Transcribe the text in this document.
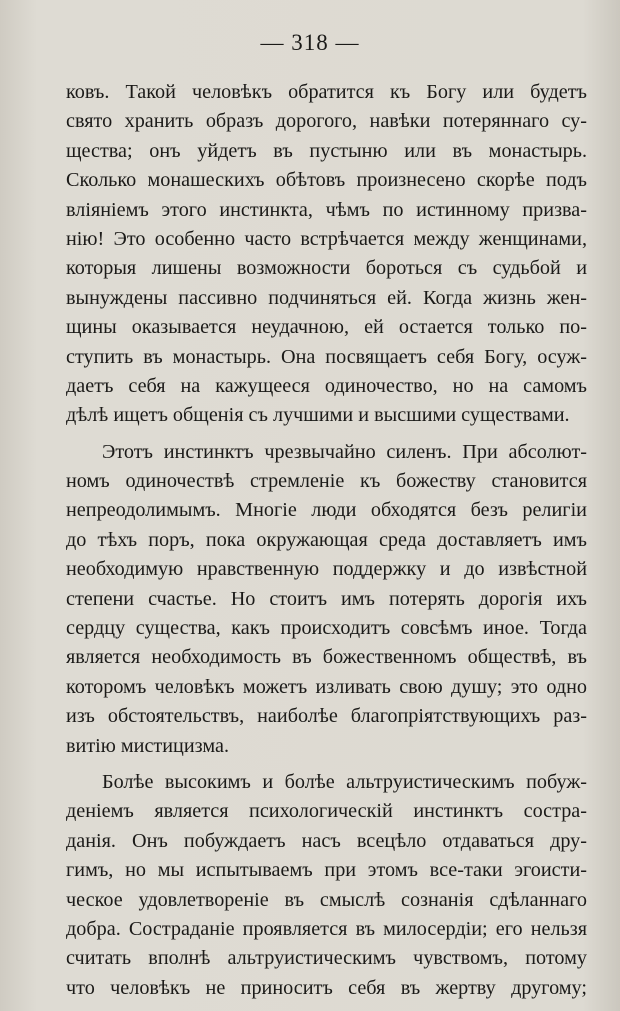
— 318 —
ковъ. Такой человѣкъ обратится къ Богу или будетъ
свято хранить образъ дорогого, навѣки потеряннаго су-
щества; онъ уйдетъ въ пустыню или въ монастырь.
Сколько монашескихъ обѣтовъ произнесено скорѣе подъ
вліяніемъ этого инстинкта, чѣмъ по истинному призва-
нію! Это особенно часто встрѣчается между женщинами,
которыя лишены возможности бороться съ судьбой и
вынуждены пассивно подчиняться ей. Когда жизнь жен-
щины оказывается неудачною, ей остается только по-
ступить въ монастырь. Она посвящаетъ себя Богу, осуж-
даетъ себя на кажущееся одиночество, но на самомъ
дѣлѣ ищетъ общенія съ лучшими и высшими существами.
Этотъ инстинктъ чрезвычайно силенъ. При абсолют-
номъ одиночествѣ стремленіе къ божеству становится
непреодолимымъ. Многіе люди обходятся безъ религіи
до тѣхъ поръ, пока окружающая среда доставляетъ имъ
необходимую нравственную поддержку и до извѣстной
степени счастье. Но стоитъ имъ потерять дорогія ихъ
сердцу существа, какъ происходитъ совсѣмъ иное. Тогда
является необходимость въ божественномъ обществѣ, въ
которомъ человѣкъ можетъ изливать свою душу; это одно
изъ обстоятельствъ, наиболѣе благопріятствующихъ раз-
витію мистицизма.
Болѣе высокимъ и болѣе альтруистическимъ побуж-
деніемъ является психологическій инстинктъ состра-
данія. Онъ побуждаетъ насъ всецѣло отдаваться дру-
гимъ, но мы испытываемъ при этомъ все-таки эгоисти-
ческое удовлетвореніе въ смыслѣ сознанія сдѣланнаго
добра. Состраданіе проявляется въ милосердіи; его нельзя
считать вполнѣ альтруистическимъ чувствомъ, потому
что человѣкъ не приноситъ себя въ жертву другому;
